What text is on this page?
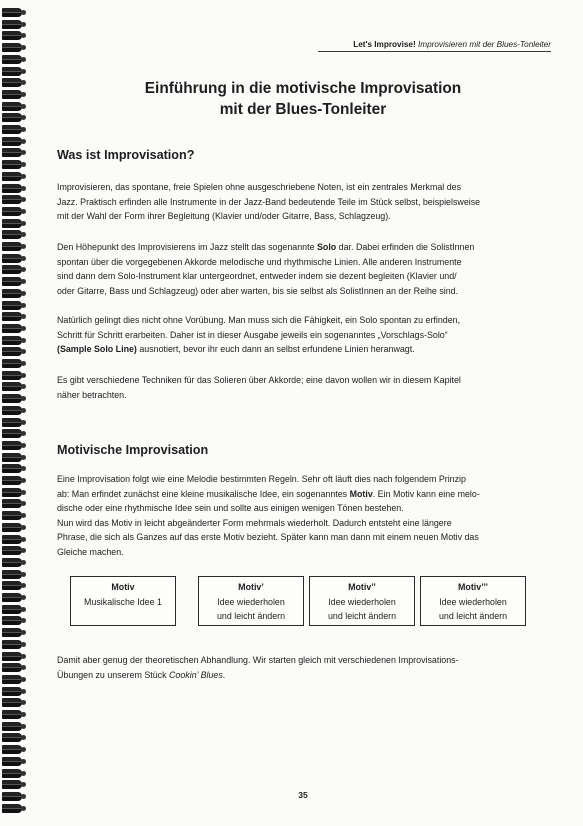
Let's Improvise! Improvisieren mit der Blues-Tonleiter
Einführung in die motivische Improvisation
mit der Blues-Tonleiter
Was ist Improvisation?

Improvisieren, das spontane, freie Spielen ohne ausgeschriebene Noten, ist ein zentrales Merkmal des
Jazz. Praktisch erfinden alle Instrumente in der Jazz-Band bedeutende Teile im Stück selbst, beispielsweise
mit der Wahl der Form ihrer Begleitung (Klavier und/oder Gitarre, Bass, Schlagzeug).

Den Höhepunkt des Improvisierens im Jazz stellt das sogenannte Solo dar. Dabei erfinden die SolistInnen
spontan über die vorgegebenen Akkorde melodische und rhythmische Linien. Alle anderen Instrumente
sind dann dem Solo-Instrument klar untergeordnet, entweder indem sie dezent begleiten (Klavier und/
oder Gitarre, Bass und Schlagzeug) oder aber warten, bis sie selbst als SolistInnen an der Reihe sind.

Natürlich gelingt dies nicht ohne Vorübung. Man muss sich die Fähigkeit, ein Solo spontan zu erfinden,
Schritt für Schritt erarbeiten. Daher ist in dieser Ausgabe jeweils ein sogenanntes „Vorschlags-Solo“
(Sample Solo Line) ausnotiert, bevor ihr euch dann an selbst erfundene Linien heranwagt.

Es gibt verschiedene Techniken für das Solieren über Akkorde; eine davon wollen wir in diesem Kapitel
näher betrachten.

Motivische Improvisation

Eine Improvisation folgt wie eine Melodie bestimmten Regeln. Sehr oft läuft dies nach folgendem Prinzip
ab: Man erfindet zunächst eine kleine musikalische Idee, ein sogenanntes Motiv. Ein Motiv kann eine melo-
dische oder eine rhythmische Idee sein und sollte aus einigen wenigen Tönen bestehen.
Nun wird das Motiv in leicht abgeänderter Form mehrmals wiederholt. Dadurch entsteht eine längere
Phrase, die sich als Ganzes auf das erste Motiv bezieht. Später kann man dann mit einem neuen Motiv das
Gleiche machen.

Motiv
Musikalische Idee 1
Motiv’
Idee wiederholen
und leicht ändern
Motiv’’
Idee wiederholen
und leicht ändern
Motiv’’’
Idee wiederholen
und leicht ändern

Damit aber genug der theoretischen Abhandlung. Wir starten gleich mit verschiedenen Improvisations-
Übungen zu unserem Stück Cookin’ Blues.

35
